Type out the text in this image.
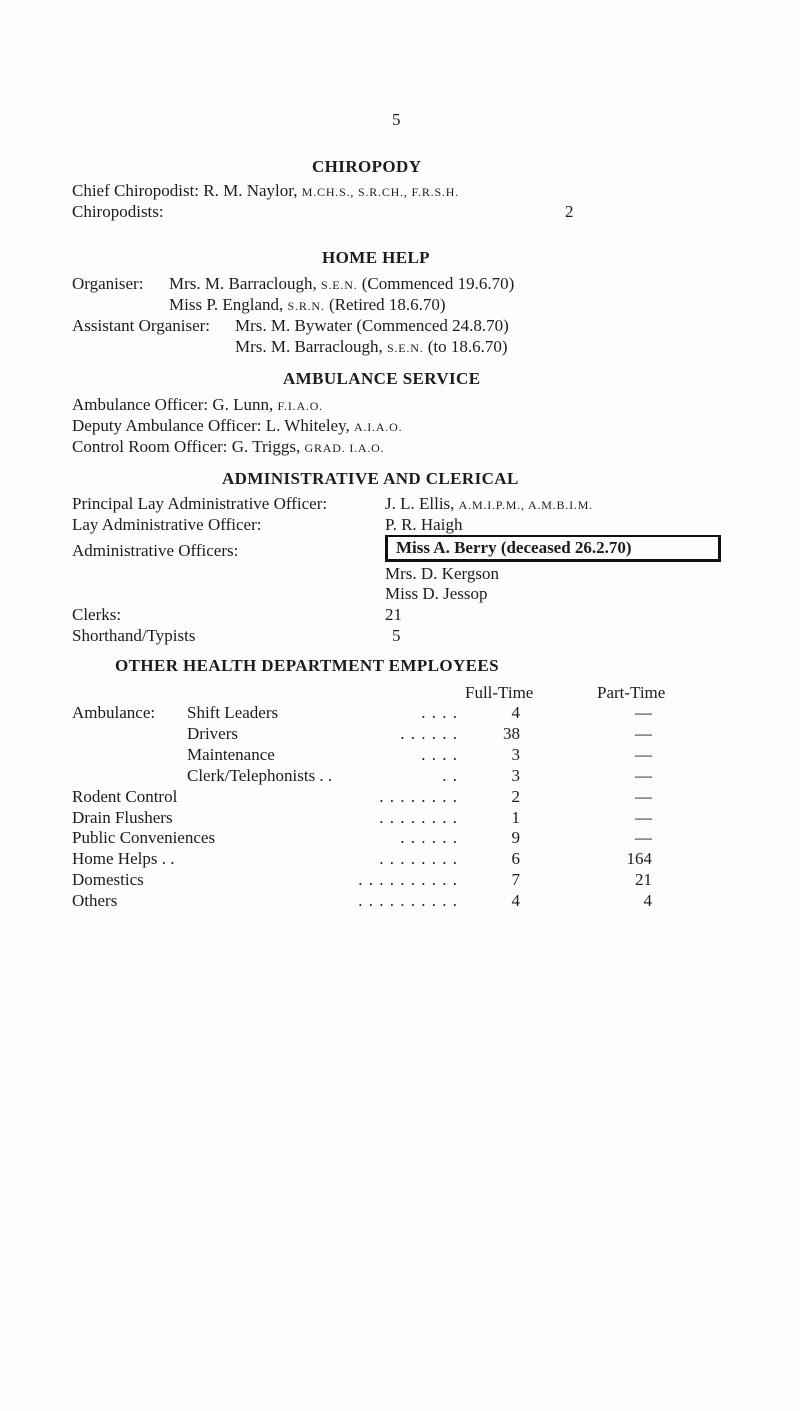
5
CHIROPODY
Chief Chiropodist: R. M. Naylor, M.CH.S., S.R.CH., F.R.S.H.
Chiropodists:	2
HOME HELP
Organiser: Mrs. M. Barraclough, S.E.N. (Commenced 19.6.70)
Miss P. England, S.R.N. (Retired 18.6.70)
Assistant Organiser: Mrs. M. Bywater (Commenced 24.8.70)
Mrs. M. Barraclough, S.E.N. (to 18.6.70)
AMBULANCE SERVICE
Ambulance Officer: G. Lunn, F.I.A.O.
Deputy Ambulance Officer: L. Whiteley, A.I.A.O.
Control Room Officer: G. Triggs, GRAD. I.A.O.
ADMINISTRATIVE AND CLERICAL
Principal Lay Administrative Officer:	J. L. Ellis, A.M.I.P.M., A.M.B.I.M.
Lay Administrative Officer:	P. R. Haigh
Administrative Officers:	Miss A. Berry (deceased 26.2.70)
Mrs. D. Kergson
Miss D. Jessop
Clerks:	21
Shorthand/Typists	5
OTHER HEALTH DEPARTMENT EMPLOYEES
Full-Time	Part-Time
Ambulance: Shift Leaders	. . . .	4	—
Drivers	. . . . . .	38	—
Maintenance	. . . .	3	—
Clerk/Telephonists . .	. .	3	—
Rodent Control	. . . . . . . .	2	—
Drain Flushers	. . . . . . . .	1	—
Public Conveniences	. . . . . .	9	—
Home Helps . .	. . . . . . . .	6	164
Domestics	. . . . . . . . . .	7	21
Others	. . . . . . . . . .	4	4
